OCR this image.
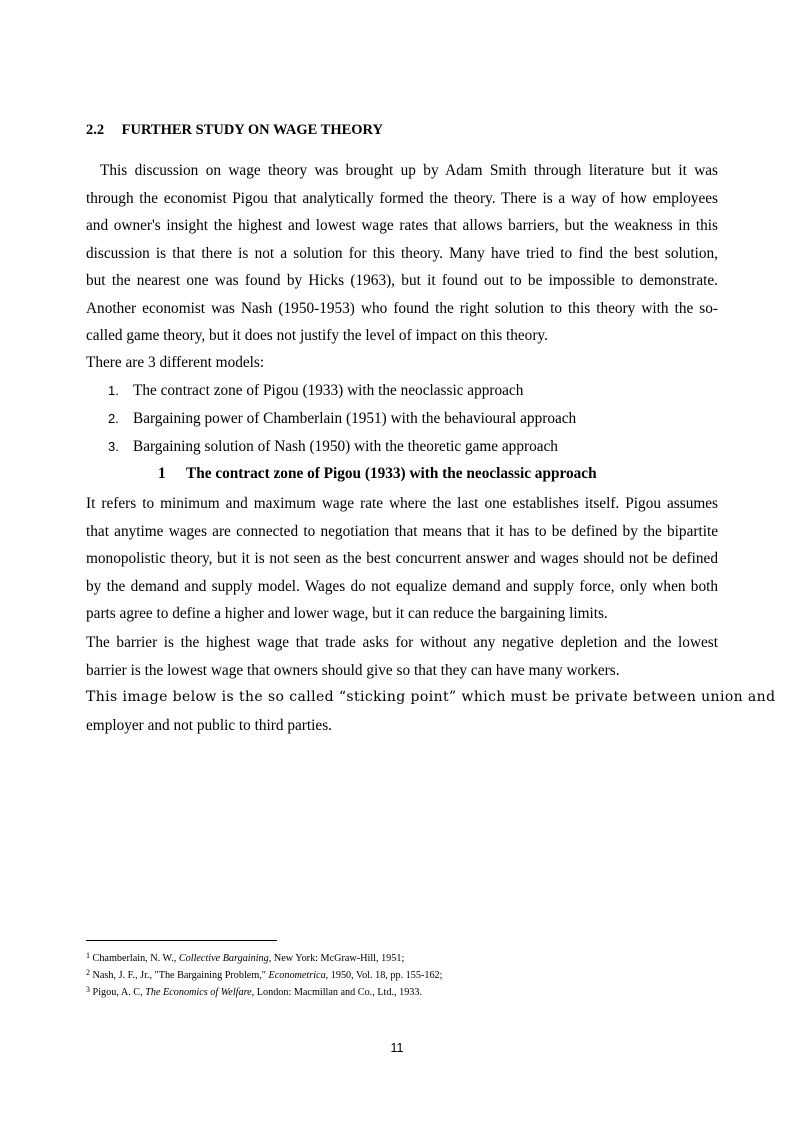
2.2 FURTHER STUDY ON WAGE THEORY
This discussion on wage theory was brought up by Adam Smith through literature but it was
through the economist Pigou that analytically formed the theory. There is a way of how employees
and owner's insight the highest and lowest wage rates that allows barriers, but the weakness in this
discussion is that there is not a solution for this theory. Many have tried to find the best solution,
but the nearest one was found by Hicks (1963), but it found out to be impossible to demonstrate.
Another economist was Nash (1950-1953) who found the right solution to this theory with the so-
called game theory, but it does not justify the level of impact on this theory.
There are 3 different models:
1. The contract zone of Pigou (1933) with the neoclassic approach
2. Bargaining power of Chamberlain (1951) with the behavioural approach
3. Bargaining solution of Nash (1950) with the theoretic game approach
1 The contract zone of Pigou (1933) with the neoclassic approach
It refers to minimum and maximum wage rate where the last one establishes itself. Pigou assumes
that anytime wages are connected to negotiation that means that it has to be defined by the bipartite
monopolistic theory, but it is not seen as the best concurrent answer and wages should not be defined
by the demand and supply model. Wages do not equalize demand and supply force, only when both
parts agree to define a higher and lower wage, but it can reduce the bargaining limits.
The barrier is the highest wage that trade asks for without any negative depletion and the lowest
barrier is the lowest wage that owners should give so that they can have many workers.
This image below is the so called “sticking point” which must be private between union and
employer and not public to third parties.
$^1$ Chamberlain, N. W., Collective Bargaining, New York: McGraw-Hill, 1951;
$^2$ Nash, J. F., Jr., "The Bargaining Problem," Econometrica, 1950, Vol. 18, pp. 155-162;
$^3$ Pigou, A. C, The Economics of Welfare, London: Macmillan and Co., Ltd., 1933.
11
